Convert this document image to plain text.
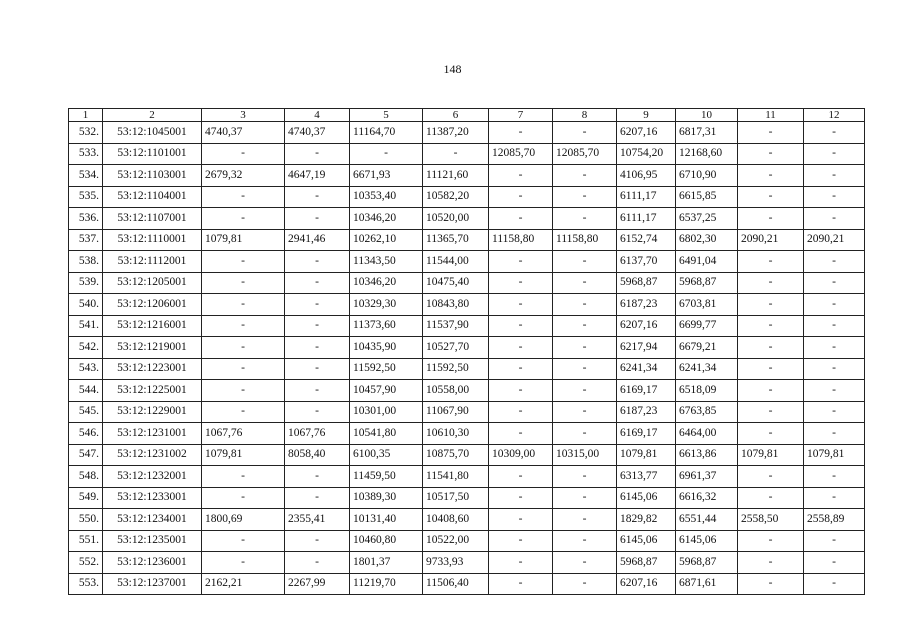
148
1	2	3	4	5	6	7	8	9	10	11	12
532.	53:12:1045001	4740,37	4740,37	11164,70	11387,20	-	-	6207,16	6817,31	-	-
533.	53:12:1101001	-	-	-	-	12085,70	12085,70	10754,20	12168,60	-	-
534.	53:12:1103001	2679,32	4647,19	6671,93	11121,60	-	-	4106,95	6710,90	-	-
535.	53:12:1104001	-	-	10353,40	10582,20	-	-	6111,17	6615,85	-	-
536.	53:12:1107001	-	-	10346,20	10520,00	-	-	6111,17	6537,25	-	-
537.	53:12:1110001	1079,81	2941,46	10262,10	11365,70	11158,80	11158,80	6152,74	6802,30	2090,21	2090,21
538.	53:12:1112001	-	-	11343,50	11544,00	-	-	6137,70	6491,04	-	-
539.	53:12:1205001	-	-	10346,20	10475,40	-	-	5968,87	5968,87	-	-
540.	53:12:1206001	-	-	10329,30	10843,80	-	-	6187,23	6703,81	-	-
541.	53:12:1216001	-	-	11373,60	11537,90	-	-	6207,16	6699,77	-	-
542.	53:12:1219001	-	-	10435,90	10527,70	-	-	6217,94	6679,21	-	-
543.	53:12:1223001	-	-	11592,50	11592,50	-	-	6241,34	6241,34	-	-
544.	53:12:1225001	-	-	10457,90	10558,00	-	-	6169,17	6518,09	-	-
545.	53:12:1229001	-	-	10301,00	11067,90	-	-	6187,23	6763,85	-	-
546.	53:12:1231001	1067,76	1067,76	10541,80	10610,30	-	-	6169,17	6464,00	-	-
547.	53:12:1231002	1079,81	8058,40	6100,35	10875,70	10309,00	10315,00	1079,81	6613,86	1079,81	1079,81
548.	53:12:1232001	-	-	11459,50	11541,80	-	-	6313,77	6961,37	-	-
549.	53:12:1233001	-	-	10389,30	10517,50	-	-	6145,06	6616,32	-	-
550.	53:12:1234001	1800,69	2355,41	10131,40	10408,60	-	-	1829,82	6551,44	2558,50	2558,89
551.	53:12:1235001	-	-	10460,80	10522,00	-	-	6145,06	6145,06	-	-
552.	53:12:1236001	-	-	1801,37	9733,93	-	-	5968,87	5968,87	-	-
553.	53:12:1237001	2162,21	2267,99	11219,70	11506,40	-	-	6207,16	6871,61	-	-
